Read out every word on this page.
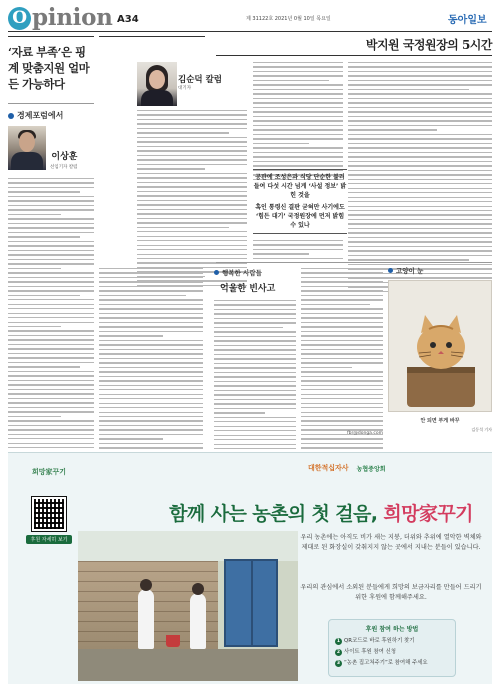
O pinion A34	제 31122호 2021년 0월 10일 목요일	동아일보
‘자료 부족’은 핑계 맞춤지원 얼마든 가능하다
경제포럼에서
이상훈
선임기자 칼럼
박지원 국정원장의 5시간
김순덕 칼럼
대기자
공관에 조성은과 식당 단순한 불러들여 다섯 시간 넘게 ‘사설 정보’ 밝힌 것을
혹인 통령신 결판 굳혀만 사기에도 ‘힘든 대기’ 국정원장에 먼저 밝힘 수 있나
행복한 사람들
억울한 빈사고
fbr@donga.com
고양이 눈
안 되면 부게 바꾸
김동석 기자
희망家꾸기	대한적십자사 농협중앙회
후원 자세히 보기
함께 사는 농촌의 첫 걸음, 희망家꾸기
우리 농촌에는 아직도 비가 새는 지붕, 더위와 추위에 열악한 벽체와 제대로 된 화장실이 갖춰지지 않는 곳에서 지내는 분들이 있습니다.
우리의 관심에서 소외된 분들에게 희망의 보금자리를 만들어 드리기 위한 후원에 함께해주세요.
후원 참여 하는 방법
1 QR코드로 바로 후원하기 찾기
2 사이트 후원 참여 신청
3 “농촌 집고쳐주기”로 참여해 주세요
